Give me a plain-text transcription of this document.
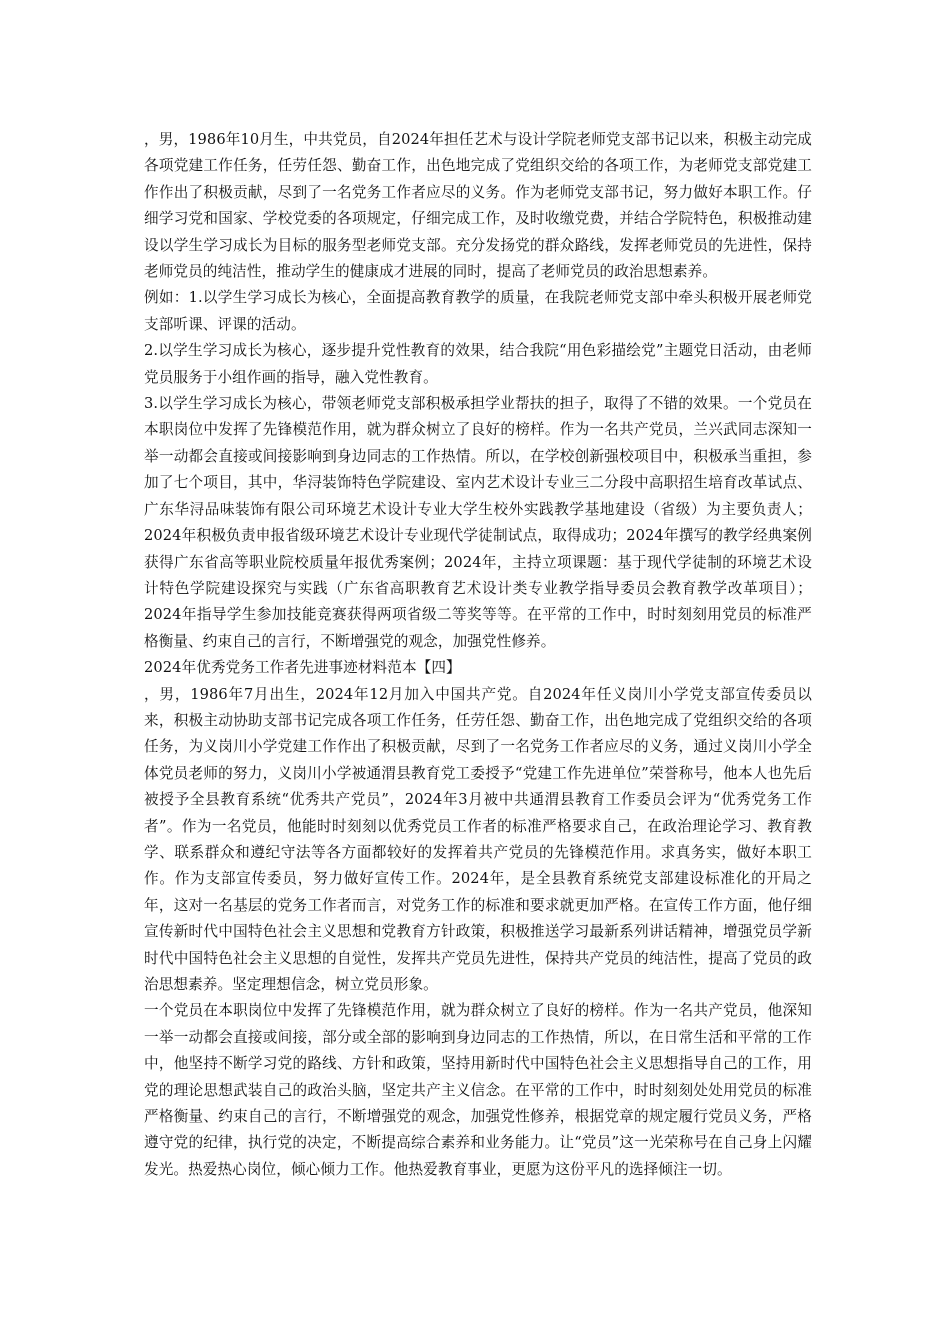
，男，1986年10月生，中共党员，自2024年担任艺术与设计学院老师党支部书记以来，积极主动完成各项党建工作任务，任劳任怨、勤奋工作，出色地完成了党组织交给的各项工作，为老师党支部党建工作作出了积极贡献，尽到了一名党务工作者应尽的义务。作为老师党支部书记，努力做好本职工作。仔细学习党和国家、学校党委的各项规定，仔细完成工作，及时收缴党费，并结合学院特色，积极推动建设以学生学习成长为目标的服务型老师党支部。充分发扬党的群众路线，发挥老师党员的先进性，保持老师党员的纯洁性，推动学生的健康成才进展的同时，提高了老师党员的政治思想素养。

例如：1.以学生学习成长为核心，全面提高教育教学的质量，在我院老师党支部中牵头积极开展老师党支部听课、评课的活动。

2.以学生学习成长为核心，逐步提升党性教育的效果，结合我院“用色彩描绘党”主题党日活动，由老师党员服务于小组作画的指导，融入党性教育。

3.以学生学习成长为核心，带领老师党支部积极承担学业帮扶的担子，取得了不错的效果。一个党员在本职岗位中发挥了先锋模范作用，就为群众树立了良好的榜样。作为一名共产党员，兰兴武同志深知一举一动都会直接或间接影响到身边同志的工作热情。所以，在学校创新强校项目中，积极承当重担，参加了七个项目，其中，华浔装饰特色学院建设、室内艺术设计专业三二分段中高职招生培育改革试点、广东华浔品味装饰有限公司环境艺术设计专业大学生校外实践教学基地建设（省级）为主要负责人；2024年积极负责申报省级环境艺术设计专业现代学徒制试点，取得成功；2024年撰写的教学经典案例获得广东省高等职业院校质量年报优秀案例；2024年，主持立项课题：基于现代学徒制的环境艺术设计特色学院建设探究与实践（广东省高职教育艺术设计类专业教学指导委员会教育教学改革项目）；2024年指导学生参加技能竞赛获得两项省级二等奖等等。在平常的工作中，时时刻刻用党员的标准严格衡量、约束自己的言行，不断增强党的观念，加强党性修养。

2024年优秀党务工作者先进事迹材料范本【四】

，男，1986年7月出生，2024年12月加入中国共产党。自2024年任义岗川小学党支部宣传委员以来，积极主动协助支部书记完成各项工作任务，任劳任怨、勤奋工作，出色地完成了党组织交给的各项任务，为义岗川小学党建工作作出了积极贡献，尽到了一名党务工作者应尽的义务，通过义岗川小学全体党员老师的努力，义岗川小学被通渭县教育党工委授予“党建工作先进单位”荣誉称号，他本人也先后被授予全县教育系统“优秀共产党员”，2024年3月被中共通渭县教育工作委员会评为“优秀党务工作者”。作为一名党员，他能时时刻刻以优秀党员工作者的标准严格要求自己，在政治理论学习、教育教学、联系群众和遵纪守法等各方面都较好的发挥着共产党员的先锋模范作用。求真务实，做好本职工作。作为支部宣传委员，努力做好宣传工作。2024年，是全县教育系统党支部建设标准化的开局之年，这对一名基层的党务工作者而言，对党务工作的标准和要求就更加严格。在宣传工作方面，他仔细宣传新时代中国特色社会主义思想和党教育方针政策，积极推送学习最新系列讲话精神，增强党员学新时代中国特色社会主义思想的自觉性，发挥共产党员先进性，保持共产党员的纯洁性，提高了党员的政治思想素养。坚定理想信念，树立党员形象。

一个党员在本职岗位中发挥了先锋模范作用，就为群众树立了良好的榜样。作为一名共产党员，他深知一举一动都会直接或间接，部分或全部的影响到身边同志的工作热情，所以，在日常生活和平常的工作中，他坚持不断学习党的路线、方针和政策，坚持用新时代中国特色社会主义思想指导自己的工作，用党的理论思想武装自己的政治头脑，坚定共产主义信念。在平常的工作中，时时刻刻处处用党员的标准严格衡量、约束自己的言行，不断增强党的观念，加强党性修养，根据党章的规定履行党员义务，严格遵守党的纪律，执行党的决定，不断提高综合素养和业务能力。让“党员”这一光荣称号在自己身上闪耀发光。热爱热心岗位，倾心倾力工作。他热爱教育事业，更愿为这份平凡的选择倾注一切。
